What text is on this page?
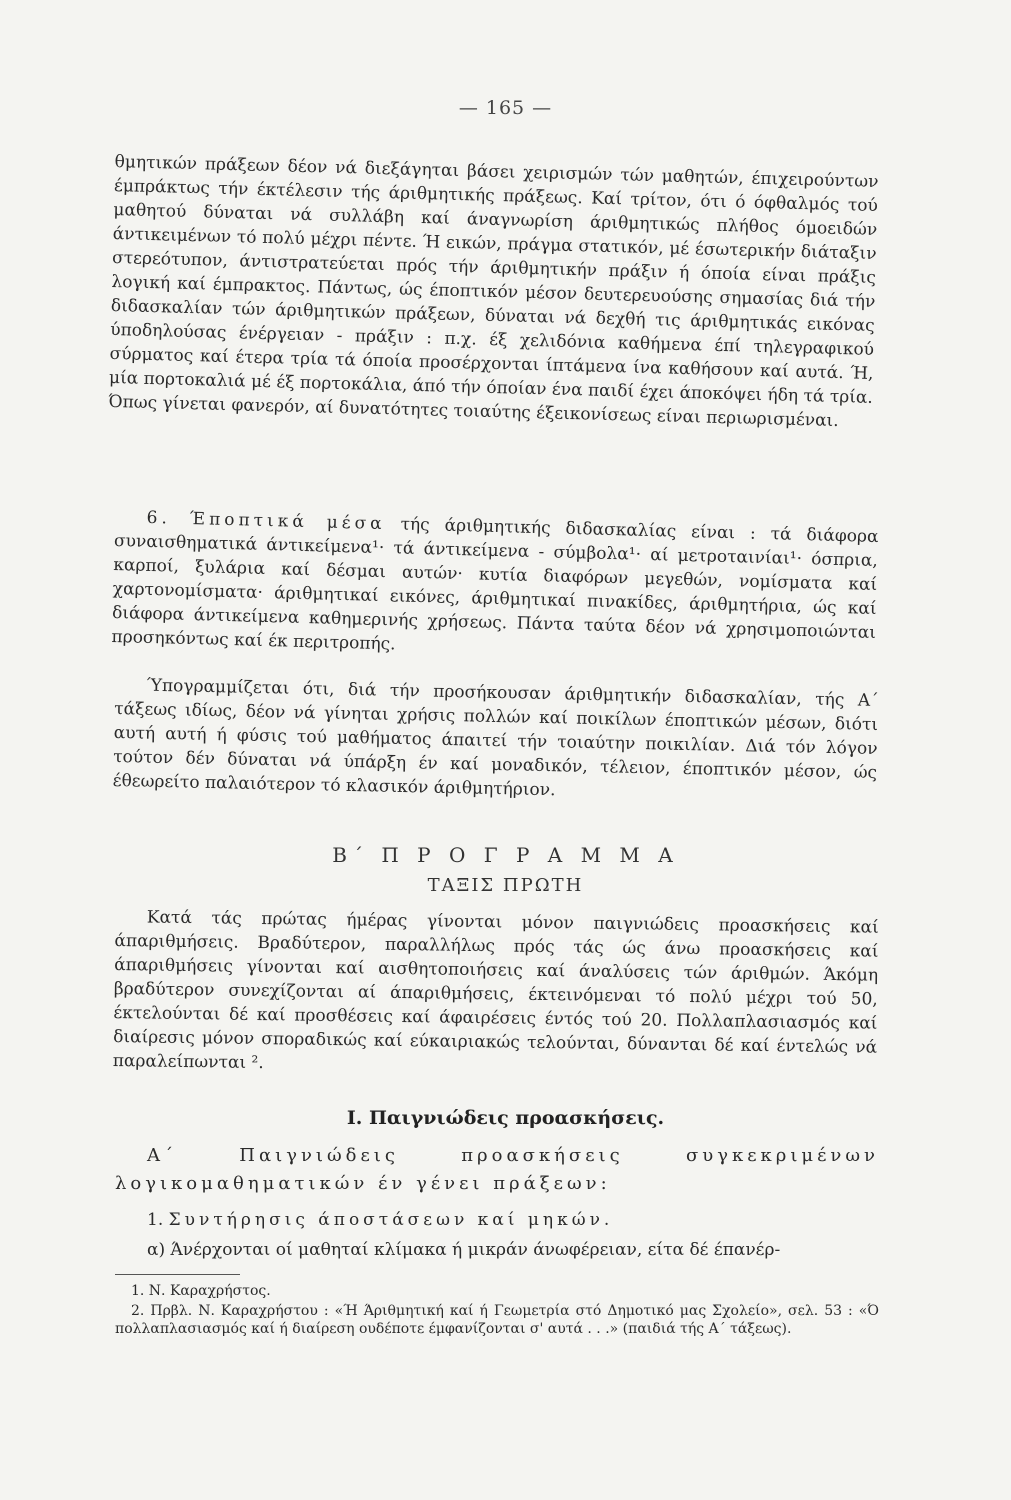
— 165 —

θμητικών πράξεων δέον νά διεξάγηται βάσει χειρισμών τών μαθητών, έπιχειρούντων έμπράκτως τήν έκτέλεσιν τής άριθμητικής πράξεως. Καί τρίτον, ότι ό όφθαλμός τού μαθητού δύναται νά συλλάβη καί άναγνωρίση άριθμητικώς πλήθος όμοειδών άντικειμένων τό πολύ μέχρι πέντε. Ή εικών, πράγμα στατικόν, μέ έσωτερικήν διάταξιν στερεότυπον, άντιστρατεύεται πρός τήν άριθμητικήν πράξιν ή όποία είναι πράξις λογική καί έμπρακτος. Πάντως, ώς έποπτικόν μέσον δευτερευούσης σημασίας διά τήν διδασκαλίαν τών άριθμητικών πράξεων, δύναται νά δεχθή τις άριθμητικάς εικόνας ύποδηλούσας ένέργειαν - πράξιν : π.χ. έξ χελιδόνια καθήμενα έπί τηλεγραφικού σύρματος καί έτερα τρία τά όποία προσέρχονται ίπτάμενα ίνα καθήσουν καί αυτά. Ή, μία πορτοκαλιά μέ έξ πορτοκάλια, άπό τήν όποίαν ένα παιδί έχει άποκόψει ήδη τά τρία. Όπως γίνεται φανερόν, αί δυνατότητες τοιαύτης έξεικονίσεως είναι περιωρισμέναι.

6. Έποπτικά μέσα τής άριθμητικής διδασκαλίας είναι : τά διάφορα συναισθηματικά άντικείμενα¹· τά άντικείμενα - σύμβολα¹· αί μετροταινίαι¹· όσπρια, καρποί, ξυλάρια καί δέσμαι αυτών· κυτία διαφόρων μεγεθών, νομίσματα καί χαρτονομίσματα· άριθμητικαί εικόνες, άριθμητικαί πινακίδες, άριθμητήρια, ώς καί διάφορα άντικείμενα καθημερινής χρήσεως. Πάντα ταύτα δέον νά χρησιμοποιώνται προσηκόντως καί έκ περιτροπής.

Ύπογραμμίζεται ότι, διά τήν προσήκουσαν άριθμητικήν διδασκαλίαν, τής Α΄ τάξεως ιδίως, δέον νά γίνηται χρήσις πολλών καί ποικίλων έποπτικών μέσων, διότι αυτή αυτή ή φύσις τού μαθήματος άπαιτεί τήν τοιαύτην ποικιλίαν. Διά τόν λόγον τούτον δέν δύναται νά ύπάρξη έν καί μοναδικόν, τέλειον, έποπτικόν μέσον, ώς έθεωρείτο παλαιότερον τό κλασικόν άριθμητήριον.

Β΄ Π Ρ Ο Γ Ρ Α Μ Μ Α
ΤΑΞΙΣ ΠΡΩΤΗ

Κατά τάς πρώτας ήμέρας γίνονται μόνον παιγνιώδεις προασκήσεις καί άπαριθμήσεις. Βραδύτερον, παραλλήλως πρός τάς ώς άνω προασκήσεις καί άπαριθμήσεις γίνονται καί αισθητοποιήσεις καί άναλύσεις τών άριθμών. Άκόμη βραδύτερον συνεχίζονται αί άπαριθμήσεις, έκτεινόμεναι τό πολύ μέχρι τού 50, έκτελούνται δέ καί προσθέσεις καί άφαιρέσεις έντός τού 20. Πολλαπλασιασμός καί διαίρεσις μόνον σποραδικώς καί εύκαιριακώς τελούνται, δύνανται δέ καί έντελώς νά παραλείπωνται ².

I. Παιγνιώδεις προασκήσεις.
Α΄ Παιγνιώδεις προασκήσεις συγκεκριμένων λογικομαθηματικών έν γένει πράξεων:
1. Συντήρησις άποστάσεων καί μηκών.
α) Άνέρχονται οί μαθηταί κλίμακα ή μικράν άνωφέρειαν, είτα δέ έπανέρ-

1. Ν. Καραχρήστος.

2. Πρβλ. Ν. Καραχρήστου : «Ή Άριθμητική καί ή Γεωμετρία στό Δημοτικό μας Σχολείο», σελ. 53 : «Ό πολλαπλασιασμός καί ή διαίρεση ουδέποτε έμφανίζονται σ' αυτά . . .» (παιδιά τής Α΄ τάξεως).
